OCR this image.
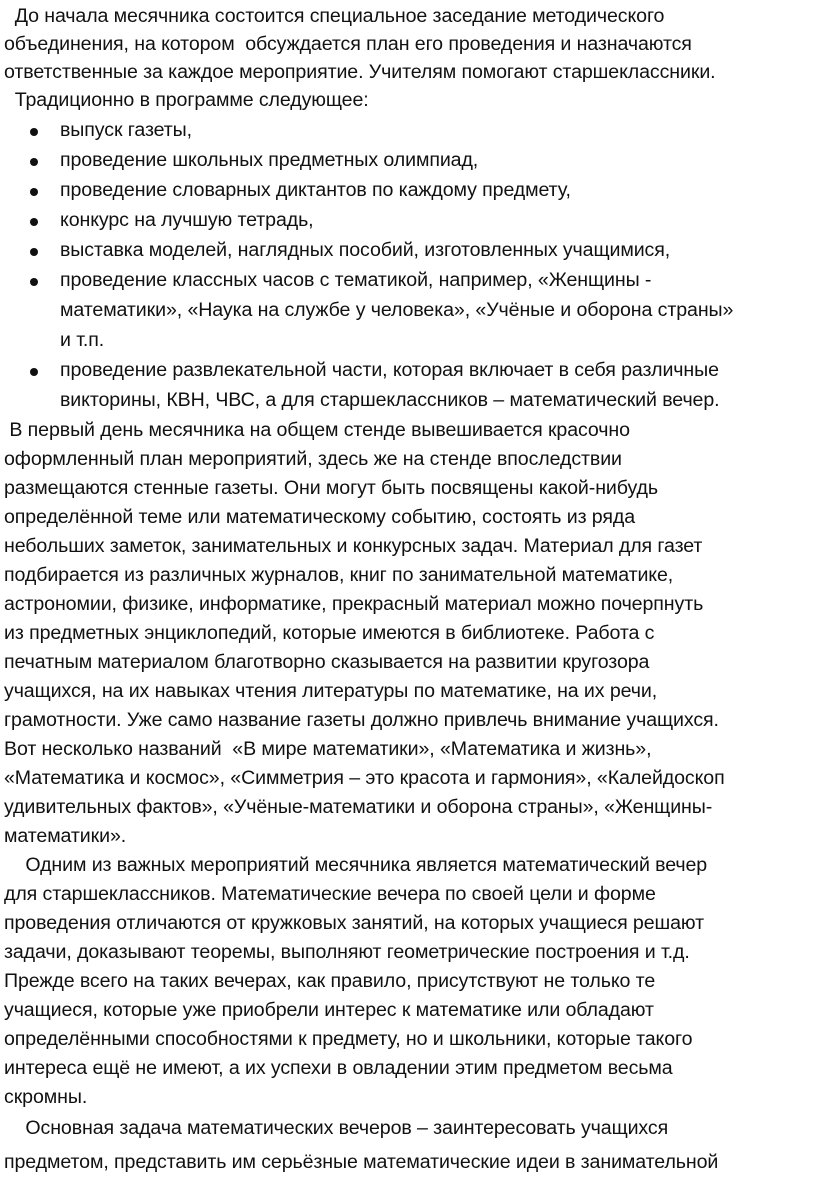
До начала месячника состоится специальное заседание методического
объединения, на котором  обсуждается план его проведения и назначаются
ответственные за каждое мероприятие. Учителям помогают старшеклассники.
Традиционно в программе следующее:
выпуск газеты,
проведение школьных предметных олимпиад,
проведение словарных диктантов по каждому предмету,
конкурс на лучшую тетрадь,
выставка моделей, наглядных пособий, изготовленных учащимися,
проведение классных часов с тематикой, например, «Женщины -
математики», «Наука на службе у человека», «Учёные и оборона страны»
и т.п.
проведение развлекательной части, которая включает в себя различные
викторины, КВН, ЧВС, а для старшеклассников – математический вечер.
В первый день месячника на общем стенде вывешивается красочно
оформленный план мероприятий, здесь же на стенде впоследствии
размещаются стенные газеты. Они могут быть посвящены какой-нибудь
определённой теме или математическому событию, состоять из ряда
небольших заметок, занимательных и конкурсных задач. Материал для газет
подбирается из различных журналов, книг по занимательной математике,
астрономии, физике, информатике, прекрасный материал можно почерпнуть
из предметных энциклопедий, которые имеются в библиотеке. Работа с
печатным материалом благотворно сказывается на развитии кругозора
учащихся, на их навыках чтения литературы по математике, на их речи,
грамотности. Уже само название газеты должно привлечь внимание учащихся.
Вот несколько названий  «В мире математики», «Математика и жизнь»,
«Математика и космос», «Симметрия – это красота и гармония», «Калейдоскоп
удивительных фактов», «Учёные-математики и оборона страны», «Женщины-
математики».
Одним из важных мероприятий месячника является математический вечер
для старшеклассников. Математические вечера по своей цели и форме
проведения отличаются от кружковых занятий, на которых учащиеся решают
задачи, доказывают теоремы, выполняют геометрические построения и т.д.
Прежде всего на таких вечерах, как правило, присутствуют не только те
учащиеся, которые уже приобрели интерес к математике или обладают
определёнными способностями к предмету, но и школьники, которые такого
интереса ещё не имеют, а их успехи в овладении этим предметом весьма
скромны.
Основная задача математических вечеров – заинтересовать учащихся
предметом, представить им серьёзные математические идеи в занимательной
